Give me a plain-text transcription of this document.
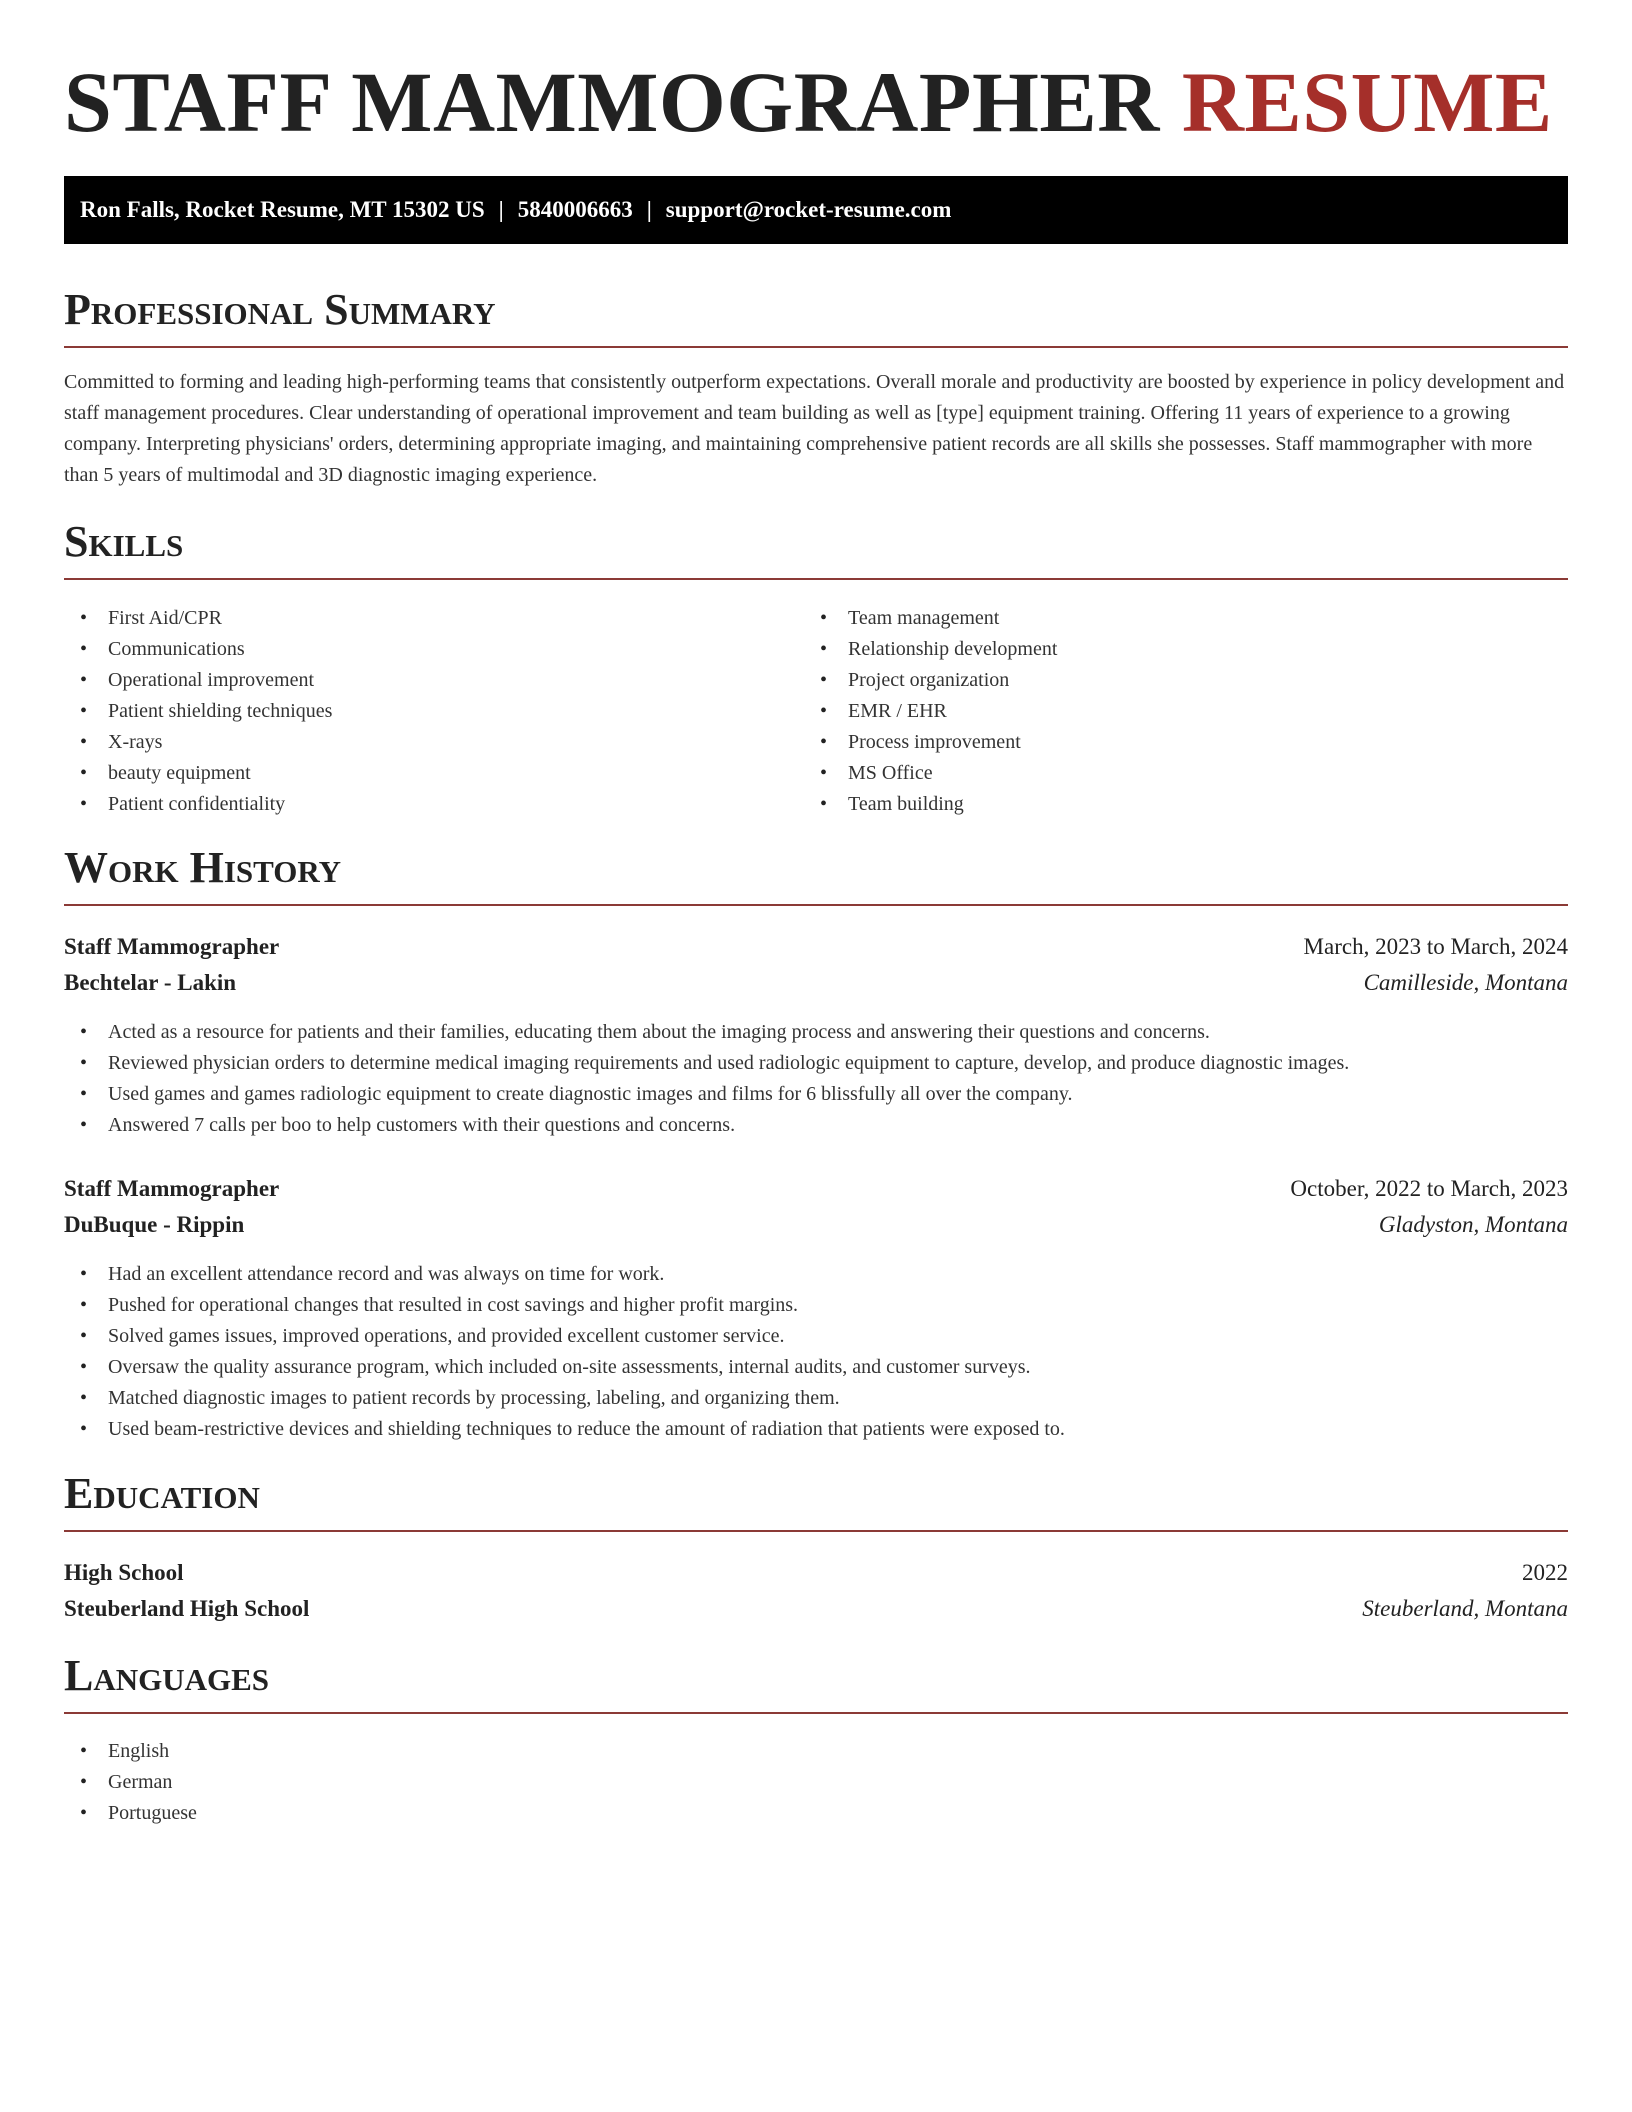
STAFF MAMMOGRAPHER RESUME
Ron Falls, Rocket Resume, MT 15302 US | 5840006663 | support@rocket-resume.com
Professional Summary

Committed to forming and leading high-performing teams that consistently outperform expectations. Overall morale and productivity are boosted by experience in policy development and staff management procedures. Clear understanding of operational improvement and team building as well as [type] equipment training. Offering 11 years of experience to a growing company. Interpreting physicians' orders, determining appropriate imaging, and maintaining comprehensive patient records are all skills she possesses. Staff mammographer with more than 5 years of multimodal and 3D diagnostic imaging experience.

Skills
• First Aid/CPR
• Communications
• Operational improvement
• Patient shielding techniques
• X-rays
• beauty equipment
• Patient confidentiality
• Team management
• Relationship development
• Project organization
• EMR / EHR
• Process improvement
• MS Office
• Team building
Work History
Staff Mammographer	March, 2023 to March, 2024
Bechtelar - Lakin	Camilleside, Montana
• Acted as a resource for patients and their families, educating them about the imaging process and answering their questions and concerns.
• Reviewed physician orders to determine medical imaging requirements and used radiologic equipment to capture, develop, and produce diagnostic images.
• Used games and games radiologic equipment to create diagnostic images and films for 6 blissfully all over the company.
• Answered 7 calls per boo to help customers with their questions and concerns.
Staff Mammographer	October, 2022 to March, 2023
DuBuque - Rippin	Gladyston, Montana
• Had an excellent attendance record and was always on time for work.
• Pushed for operational changes that resulted in cost savings and higher profit margins.
• Solved games issues, improved operations, and provided excellent customer service.
• Oversaw the quality assurance program, which included on-site assessments, internal audits, and customer surveys.
• Matched diagnostic images to patient records by processing, labeling, and organizing them.
• Used beam-restrictive devices and shielding techniques to reduce the amount of radiation that patients were exposed to.
Education
High School	2022
Steuberland High School	Steuberland, Montana
Languages
• English
• German
• Portuguese
